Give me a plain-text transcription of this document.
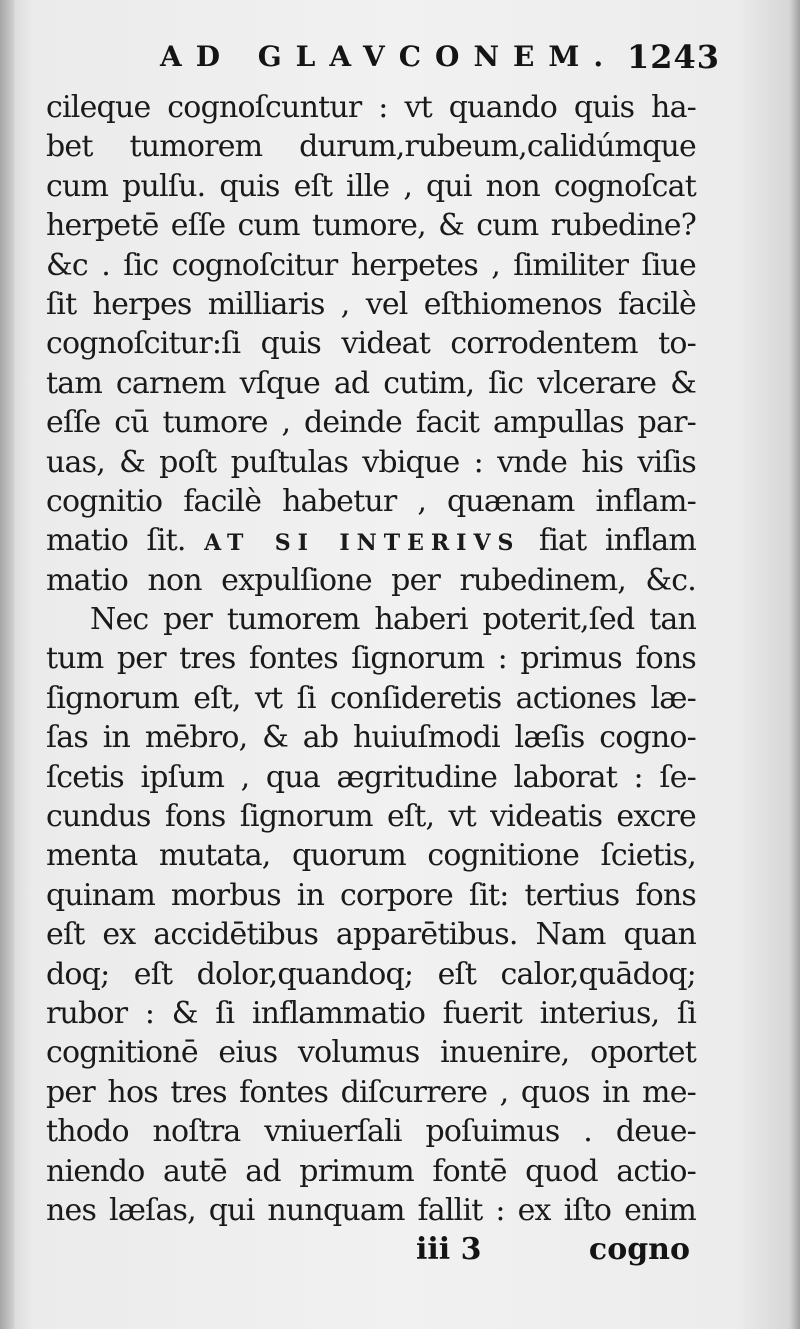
AD GLAVCONEM. 1243
cileque cognoſcuntur : vt quando quis ha-
bet tumorem durum,rubeum,calidúmque
cum pulſu. quis eſt ille , qui non cognoſcat
herpetē eſſe cum tumore, & cum rubedine?
&c . ſic cognoſcitur herpetes , ſimiliter ſiue
ſit herpes milliaris , vel eſthiomenos facilè
cognoſcitur:ſi quis videat corrodentem to-
tam carnem vſque ad cutim, ſic vlcerare &
eſſe cū tumore , deinde facit ampullas par-
uas, & poſt puſtulas vbique : vnde his viſis
cognitio facilè habetur , quænam inflam-
matio ſit. AT SI INTERIVS fiat inflam
matio non expulſione per rubedinem, &c.
Nec per tumorem haberi poterit,ſed tan
tum per tres fontes ſignorum : primus fons
ſignorum eſt, vt ſi conſideretis actiones læ-
ſas in mēbro, & ab huiuſmodi læſis cogno-
ſcetis ipſum , qua ægritudine laborat : ſe-
cundus fons ſignorum eſt, vt videatis excre
menta mutata, quorum cognitione ſcietis,
quinam morbus in corpore ſit: tertius fons
eſt ex accidētibus apparētibus. Nam quan
doq; eſt dolor,quandoq; eſt calor,quādoq;
rubor : & ſi inflammatio fuerit interius, ſi
cognitionē eius volumus inuenire, oportet
per hos tres fontes diſcurrere , quos in me-
thodo noſtra vniuerſali poſuimus . deue-
niendo autē ad primum fontē quod actio-
nes læſas, qui nunquam fallit : ex iſto enim
iii 3	cogno
